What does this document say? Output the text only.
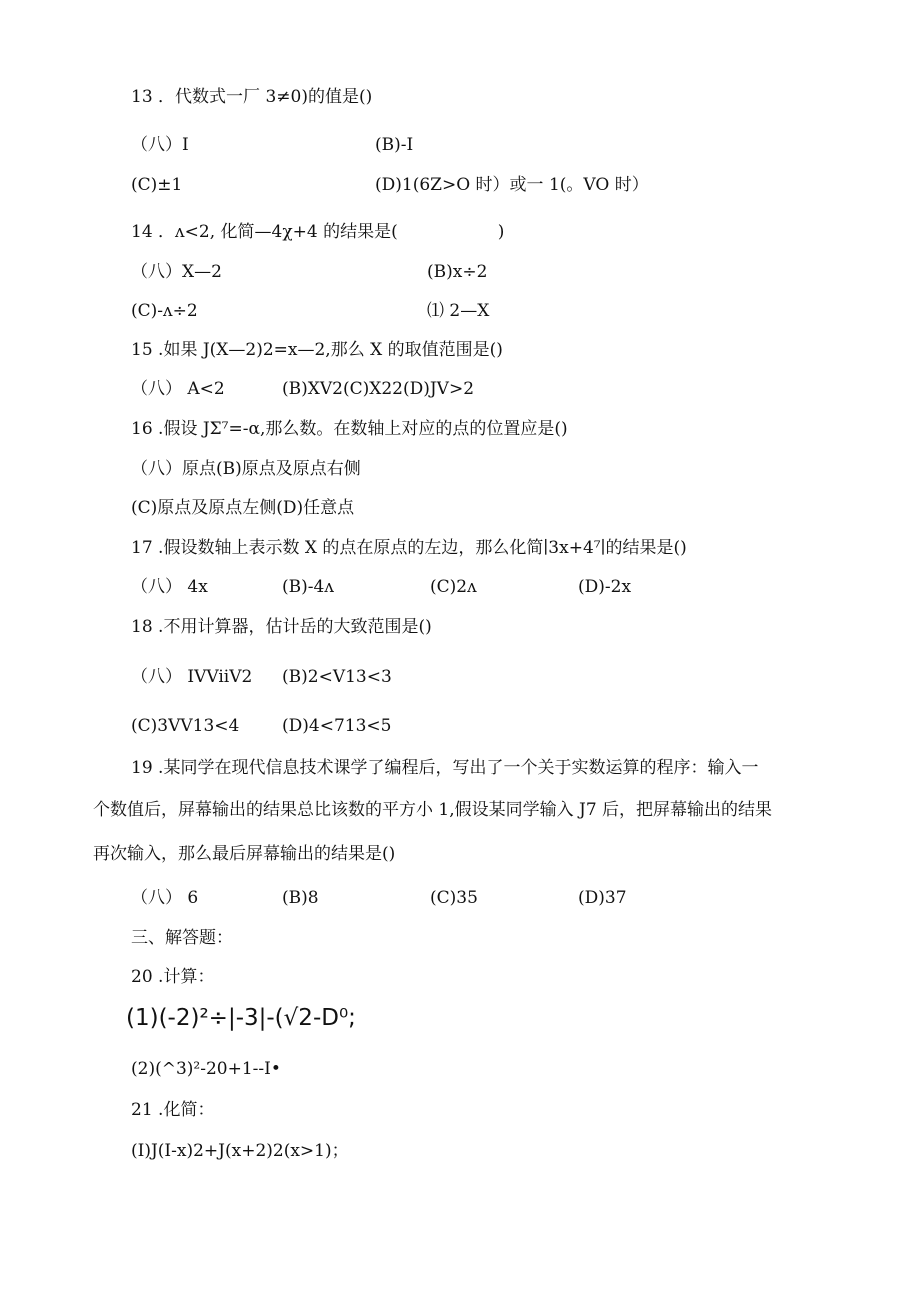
13 ．代数式一厂 3≠0)的值是()
（八）I	(B)-I
(C)±1	(D)1(6Z>O 时）或一 1(。VO 时）
14 ．ʌ<2, 化简—4χ+4 的结果是(	)
（八）X—2	(B)x÷2
(C)-ʌ÷2	⑴ 2—X
15 .如果 J(X—2)2=x—2,那么 X 的取值范围是()
（八） A<2	(B)XV2(C)X22(D)JV>2
16 .假设 JΣ⁷=-α,那么数。在数轴上对应的点的位置应是()
（八）原点(B)原点及原点右侧
(C)原点及原点左侧(D)任意点
17 .假设数轴上表示数 X 的点在原点的左边，那么化简∣3x+4⁷∣的结果是()
（八） 4x	(B)-4ʌ	(C)2ʌ	(D)-2x
18 .不用计算器，估计岳的大致范围是()
（八） IVViiV2 (B)2<V13<3
(C)3VV13<4	(D)4<713<5
19 .某同学在现代信息技术课学了编程后，写出了一个关于实数运算的程序：输入一
个数值后，屏幕输出的结果总比该数的平方小 1,假设某同学输入 J7 后，把屏幕输出的结果
再次输入，那么最后屏幕输出的结果是()
（八） 6	(B)8	(C)35	(D)37
三、解答题：
20 .计算：
(1)(-2)²÷|-3|-(√2-D⁰;
(2)(^3)²-20+1--I•
21 .化简：
(I)J(I-x)2+J(x+2)2(x>1)；
